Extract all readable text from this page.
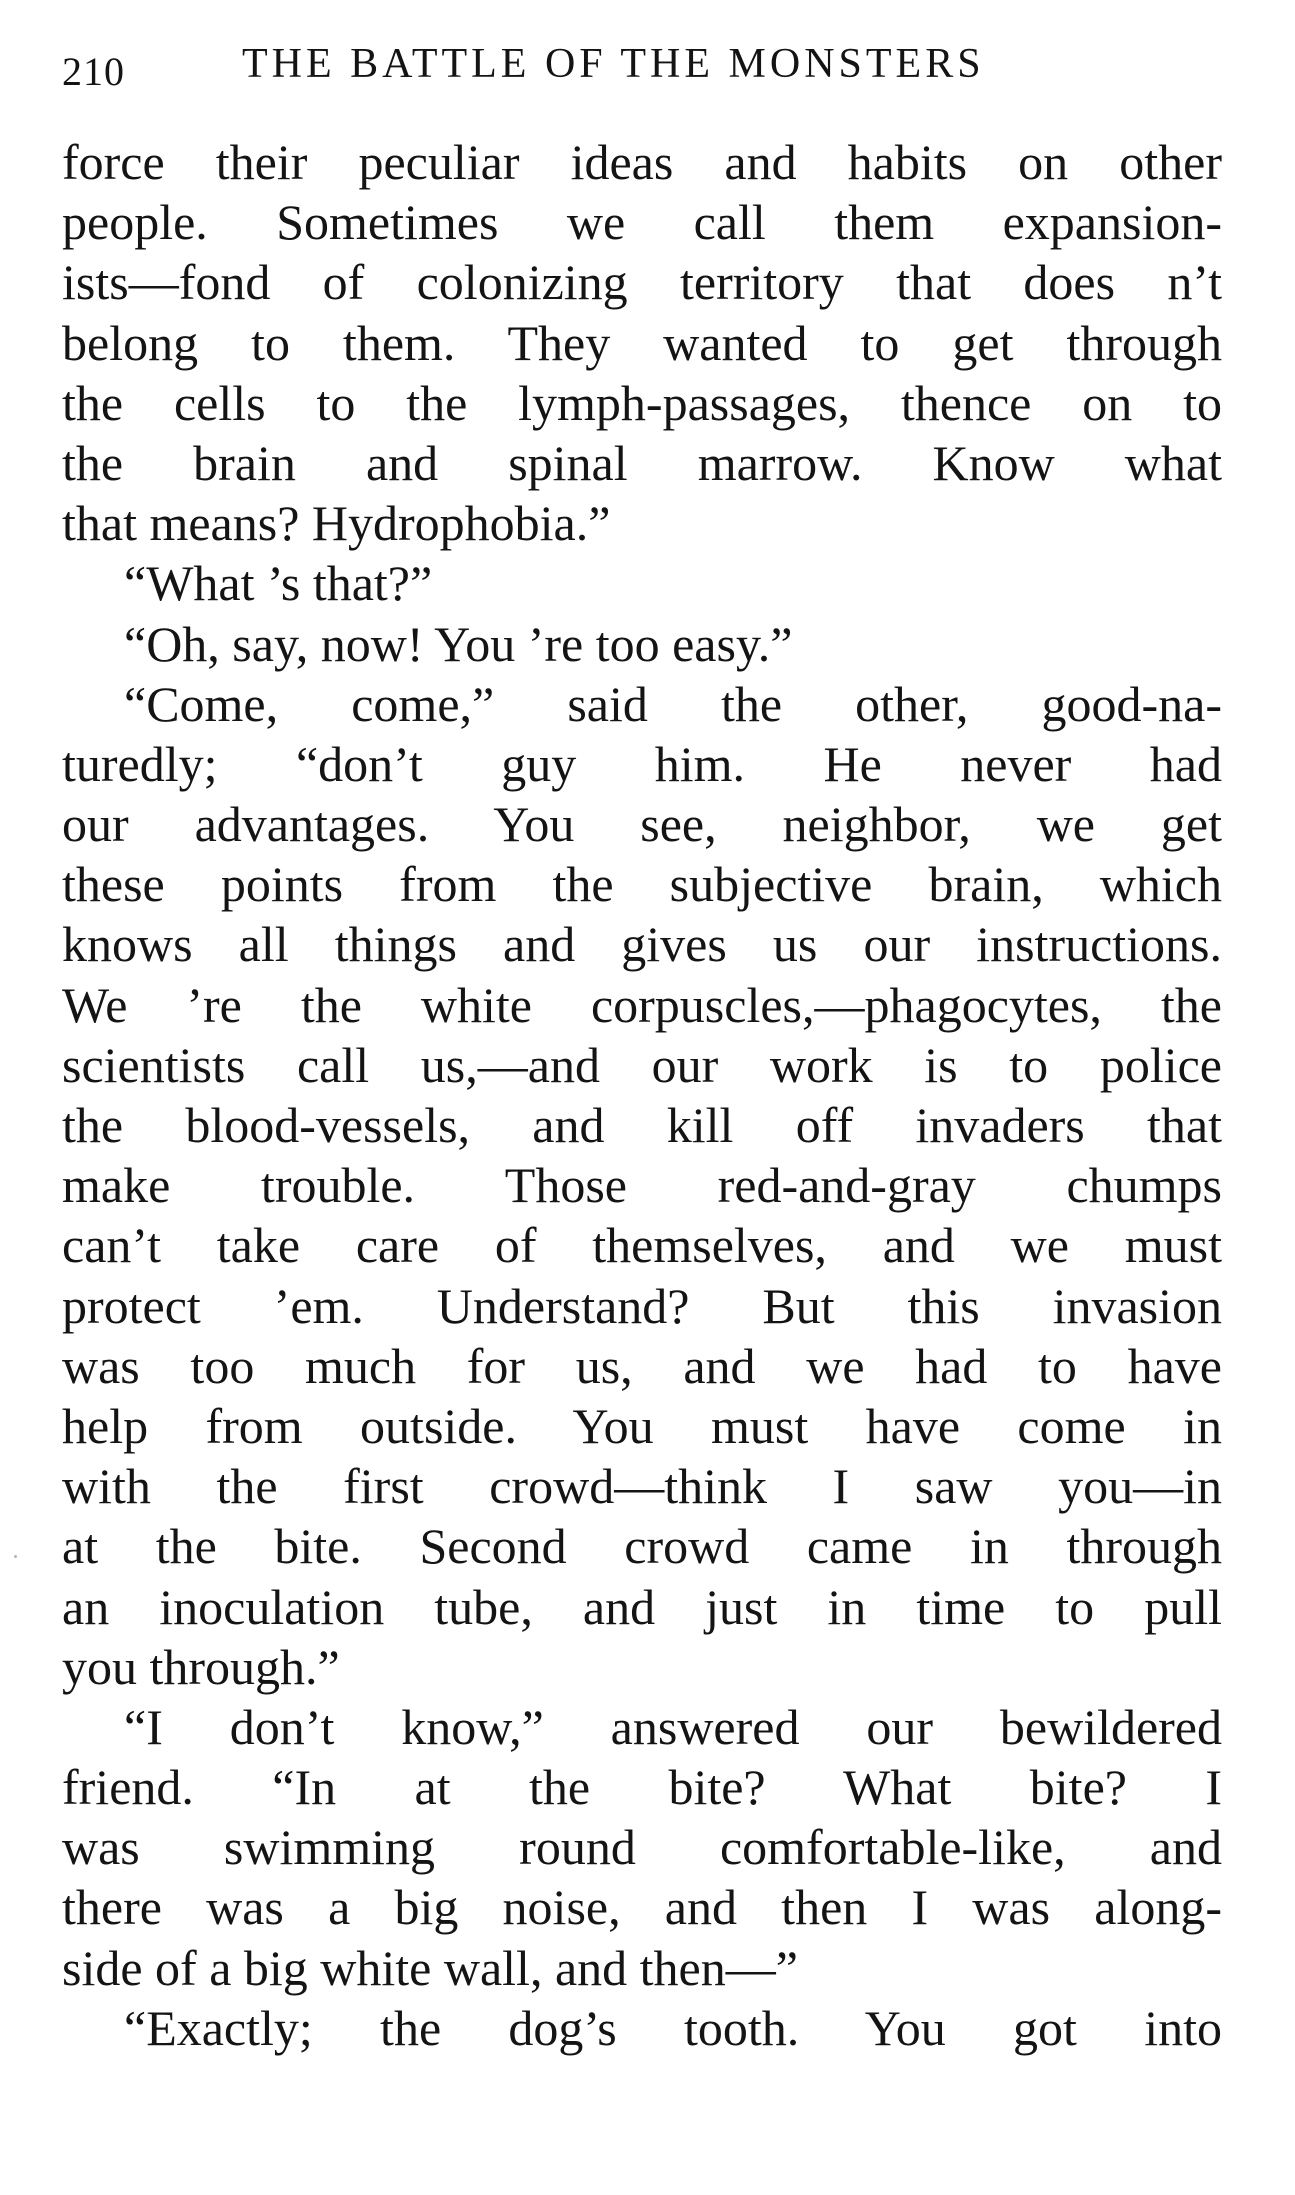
210	THE BATTLE OF THE MONSTERS
force their peculiar ideas and habits on other
people. Sometimes we call them expansion-
ists—fond of colonizing territory that does n’t
belong to them. They wanted to get through
the cells to the lymph-passages, thence on to
the brain and spinal marrow. Know what
that means? Hydrophobia.”
“What ’s that?”
“Oh, say, now! You ’re too easy.”
“Come, come,” said the other, good-na-
turedly; “don’t guy him. He never had
our advantages. You see, neighbor, we get
these points from the subjective brain, which
knows all things and gives us our instructions.
We ’re the white corpuscles,—phagocytes, the
scientists call us,—and our work is to police
the blood-vessels, and kill off invaders that
make trouble. Those red-and-gray chumps
can’t take care of themselves, and we must
protect ’em. Understand? But this invasion
was too much for us, and we had to have
help from outside. You must have come in
with the first crowd—think I saw you—in
at the bite. Second crowd came in through
an inoculation tube, and just in time to pull
you through.”
“I don’t know,” answered our bewildered
friend. “In at the bite? What bite? I
was swimming round comfortable-like, and
there was a big noise, and then I was along-
side of a big white wall, and then—”
“Exactly; the dog’s tooth. You got into
